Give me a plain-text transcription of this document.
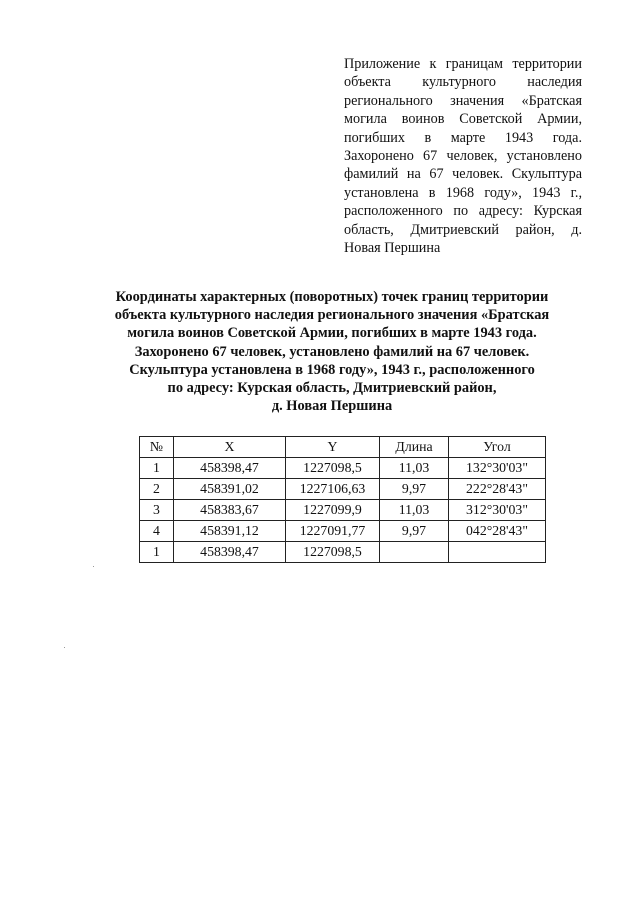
Приложение к границам территории объекта культурного наследия регионального значения «Братская могила воинов Советской Армии, погибших в марте 1943 года. Захоронено 67 человек, установлено фамилий на 67 человек. Скульптура установлена в 1968 году», 1943 г., расположенного по адресу: Курская область, Дмитриевский район, д. Новая Першина
Координаты характерных (поворотных) точек границ территории
объекта культурного наследия регионального значения «Братская
могила воинов Советской Армии, погибших в марте 1943 года.
Захоронено 67 человек, установлено фамилий на 67 человек.
Скульптура установлена в 1968 году», 1943 г., расположенного
по адресу: Курская область, Дмитриевский район,
д. Новая Першина
№	X	Y	Длина	Угол
1	458398,47	1227098,5	11,03	132°30'03"
2	458391,02	1227106,63	9,97	222°28'43"
3	458383,67	1227099,9	11,03	312°30'03"
4	458391,12	1227091,77	9,97	042°28'43"
1	458398,47	1227098,5		
